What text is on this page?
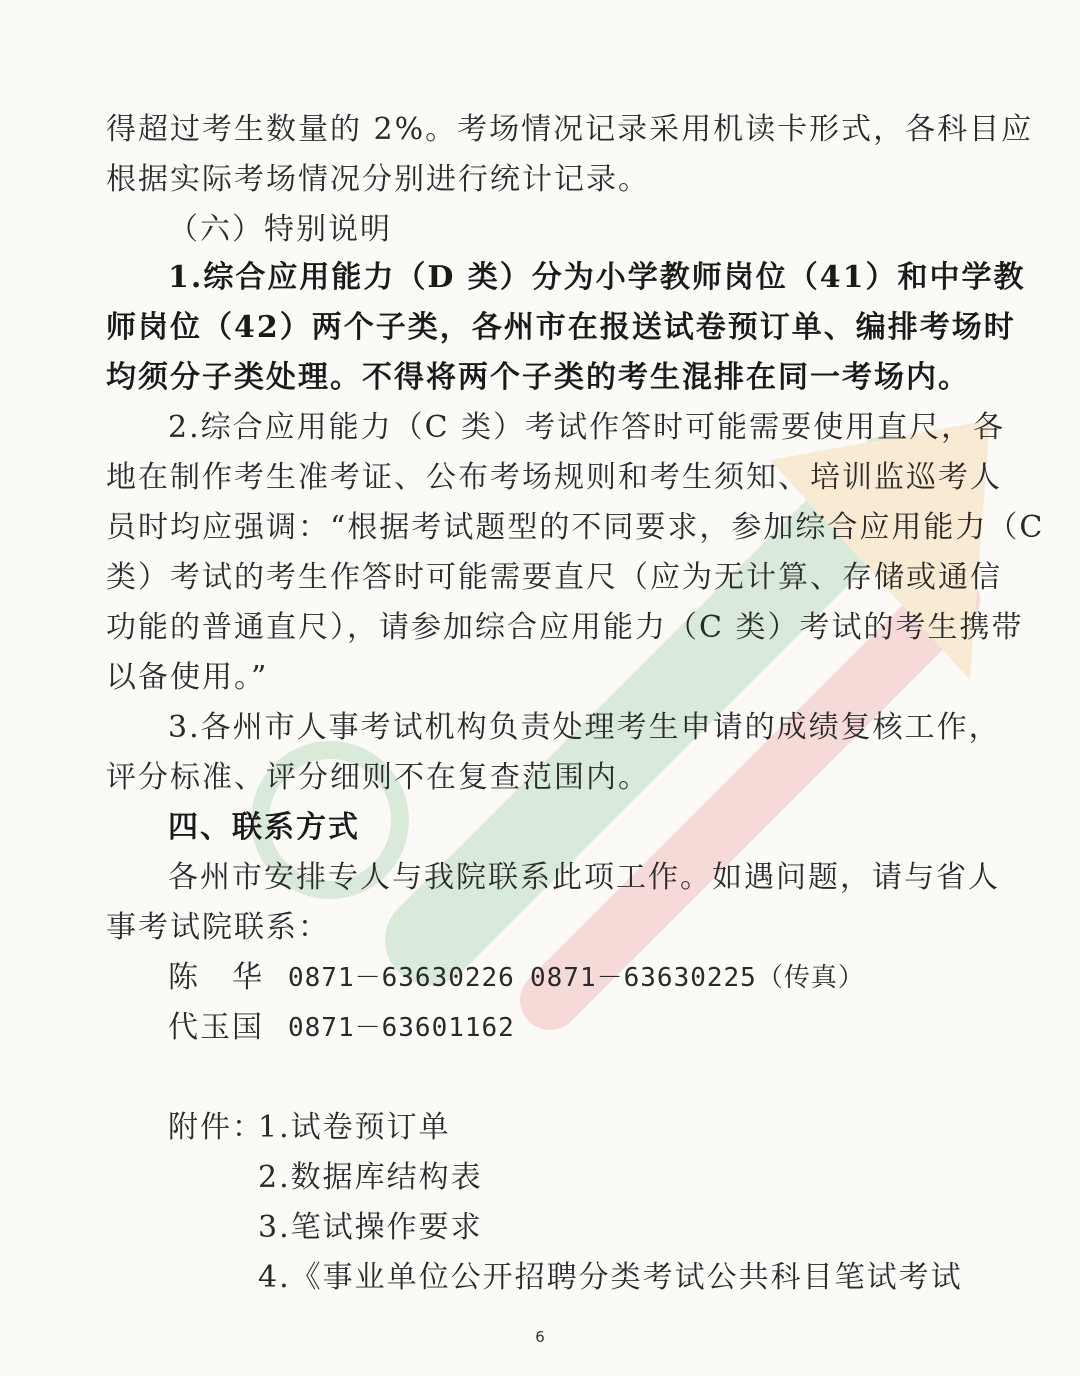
得超过考生数量的 2%。考场情况记录采用机读卡形式，各科目应
根据实际考场情况分别进行统计记录。
（六）特别说明
1.综合应用能力（D 类）分为小学教师岗位（41）和中学教
师岗位（42）两个子类，各州市在报送试卷预订单、编排考场时
均须分子类处理。不得将两个子类的考生混排在同一考场内。
2.综合应用能力（C 类）考试作答时可能需要使用直尺，各
地在制作考生准考证、公布考场规则和考生须知、培训监巡考人
员时均应强调：“根据考试题型的不同要求，参加综合应用能力（C
类）考试的考生作答时可能需要直尺（应为无计算、存储或通信
功能的普通直尺），请参加综合应用能力（C 类）考试的考生携带
以备使用。”
3.各州市人事考试机构负责处理考生申请的成绩复核工作，
评分标准、评分细则不在复查范围内。
四、联系方式
各州市安排专人与我院联系此项工作。如遇问题，请与省人
事考试院联系：
陈　华 0871－63630226 0871－63630225（传真）
代玉国 0871－63601162
附件：
1.试卷预订单
2.数据库结构表
3.笔试操作要求
4.《事业单位公开招聘分类考试公共科目笔试考试
6
